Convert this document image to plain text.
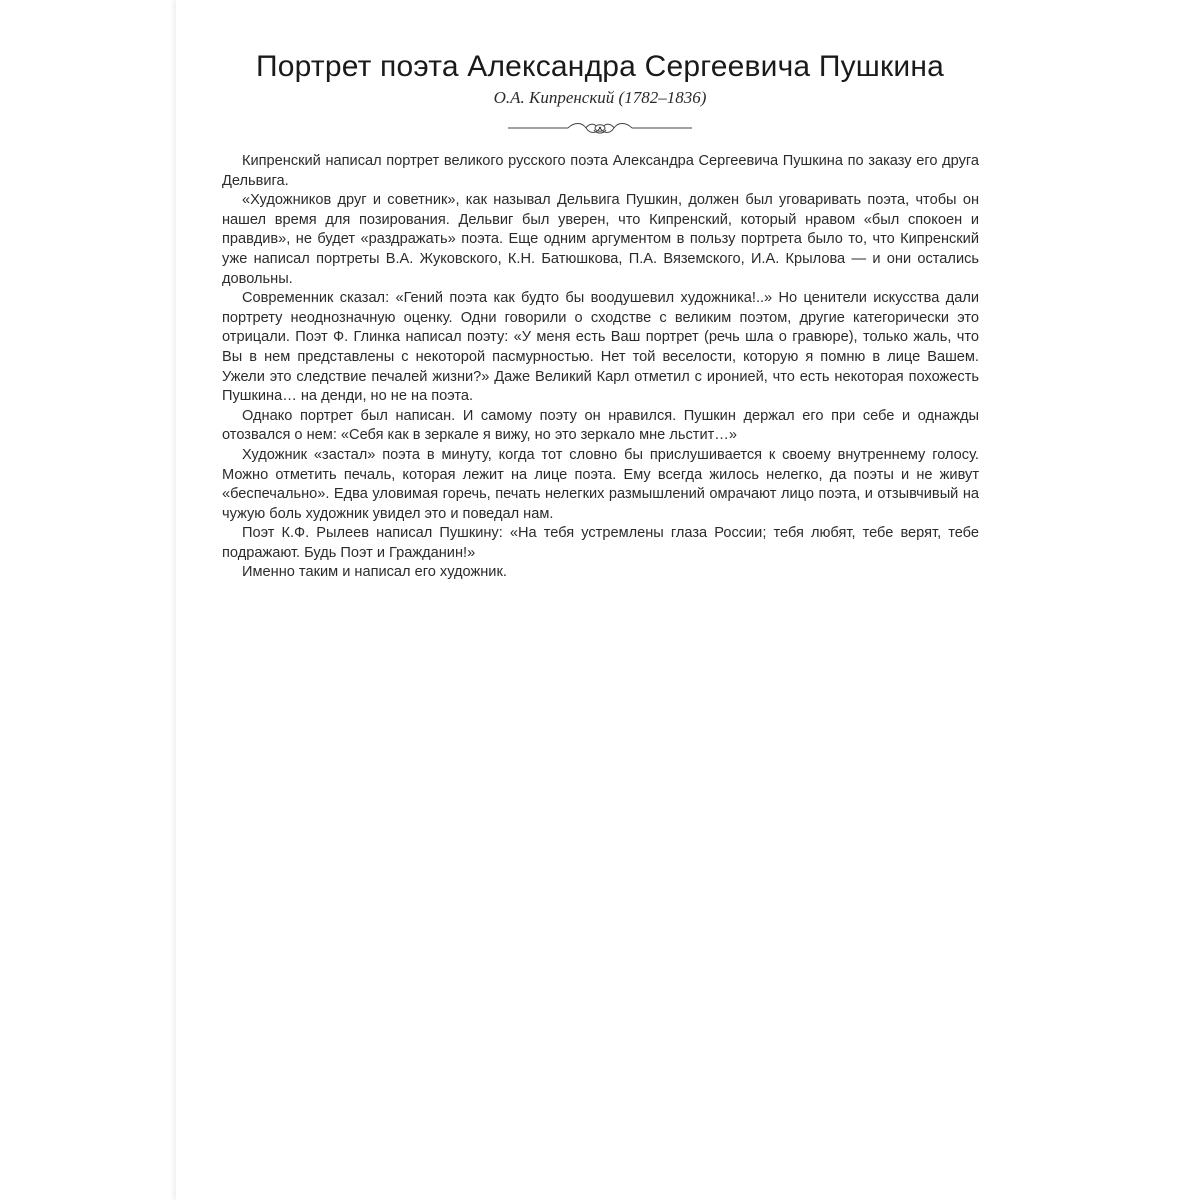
Портрет поэта Александра Сергеевича Пушкина
О.А. Кипренский (1782–1836)

Кипренский написал портрет великого русского поэта Александра Сергеевича Пушкина по заказу его друга Дельвига.

«Художников друг и советник», как называл Дельвига Пушкин, должен был уговаривать поэта, чтобы он нашел время для позирования. Дельвиг был уверен, что Кипренский, который нравом «был спокоен и правдив», не будет «раздражать» поэта. Еще одним аргументом в пользу портрета было то, что Кипренский уже написал портреты В.А. Жуковского, К.Н. Батюшкова, П.А. Вяземского, И.А. Крылова — и они остались довольны.

Современник сказал: «Гений поэта как будто бы воодушевил художника!..» Но ценители искусства дали портрету неоднозначную оценку. Одни говорили о сходстве с великим поэтом, другие категорически это отрицали. Поэт Ф. Глинка написал поэту: «У меня есть Ваш портрет (речь шла о гравюре), только жаль, что Вы в нем представлены с некоторой пасмурностью. Нет той веселости, которую я помню в лице Вашем. Ужели это следствие печалей жизни?» Даже Великий Карл отметил с иронией, что есть некоторая похожесть Пушкина… на денди, но не на поэта.

Однако портрет был написан. И самому поэту он нравился. Пушкин держал его при себе и однажды отозвался о нем: «Себя как в зеркале я вижу, но это зеркало мне льстит…»

Художник «застал» поэта в минуту, когда тот словно бы прислушивается к своему внутреннему голосу. Можно отметить печаль, которая лежит на лице поэта. Ему всегда жилось нелегко, да поэты и не живут «беспечально». Едва уловимая горечь, печать нелегких размышлений омрачают лицо поэта, и отзывчивый на чужую боль художник увидел это и поведал нам.

Поэт К.Ф. Рылеев написал Пушкину: «На тебя устремлены глаза России; тебя любят, тебе верят, тебе подражают. Будь Поэт и Гражданин!»

Именно таким и написал его художник.
